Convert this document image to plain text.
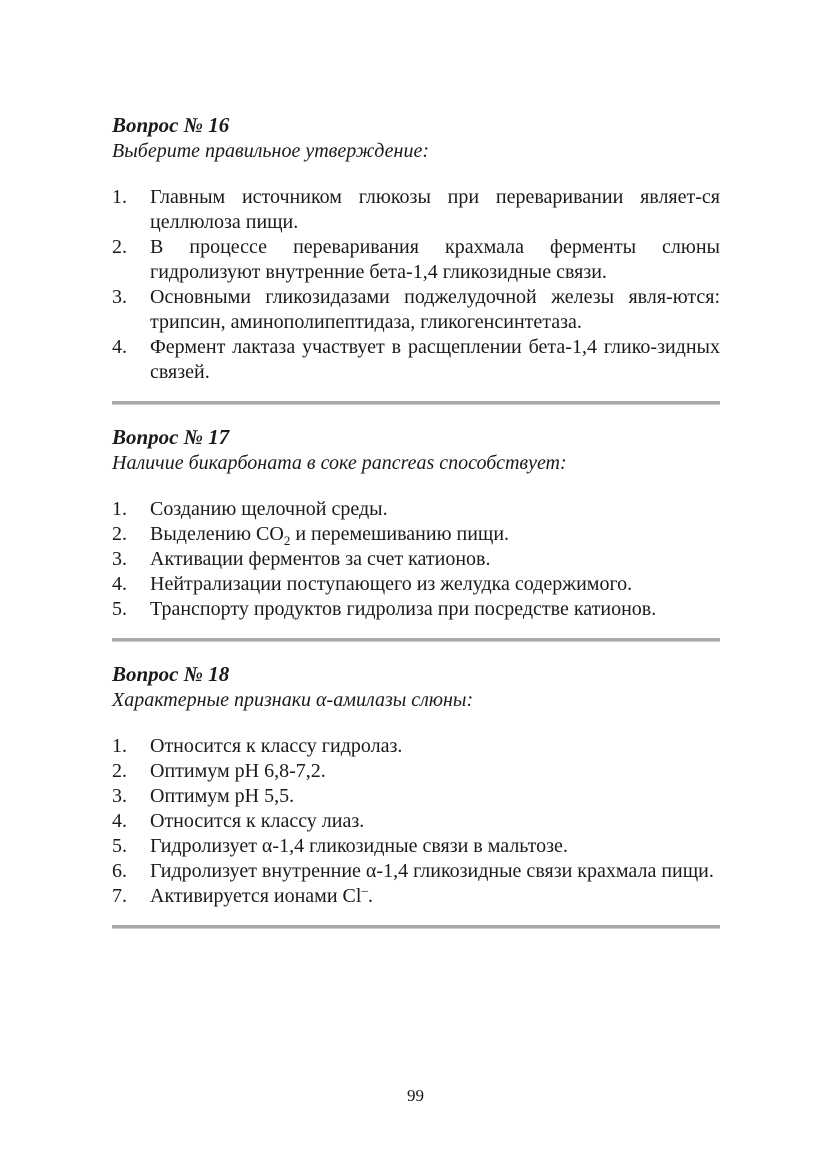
Вопрос № 16

Выберите правильное утверждение:

1.	Главным источником глюкозы при переваривании являет-ся целлюлоза пищи.
2.	В процессе переваривания крахмала ферменты слюны гидролизуют внутренние бета-1,4 гликозидные связи.
3.	Основными гликозидазами поджелудочной железы явля-ются: трипсин, аминополипептидаза, гликогенсинтетаза.
4.	Фермент лактаза участвует в расщеплении бета-1,4 глико-зидных связей.

Вопрос № 17

Наличие бикарбоната в соке pancreas способствует:

1.	Созданию щелочной среды.
2.	Выделению $CO_2$ и перемешиванию пищи.
3.	Активации ферментов за счет катионов.
4.	Нейтрализации поступающего из желудка содержимого.
5.	Транспорту продуктов гидролиза при посредстве катионов.

Вопрос № 18

Характерные признаки α-амилазы слюны:

1.	Относится к классу гидролаз.
2.	Оптимум pH 6,8-7,2.
3.	Оптимум pH 5,5.
4.	Относится к классу лиаз.
5.	Гидролизует α-1,4 гликозидные связи в мальтозе.
6.	Гидролизует внутренние α-1,4 гликозидные связи крахмала пищи.
7.	Активируется ионами Cl–.
99
